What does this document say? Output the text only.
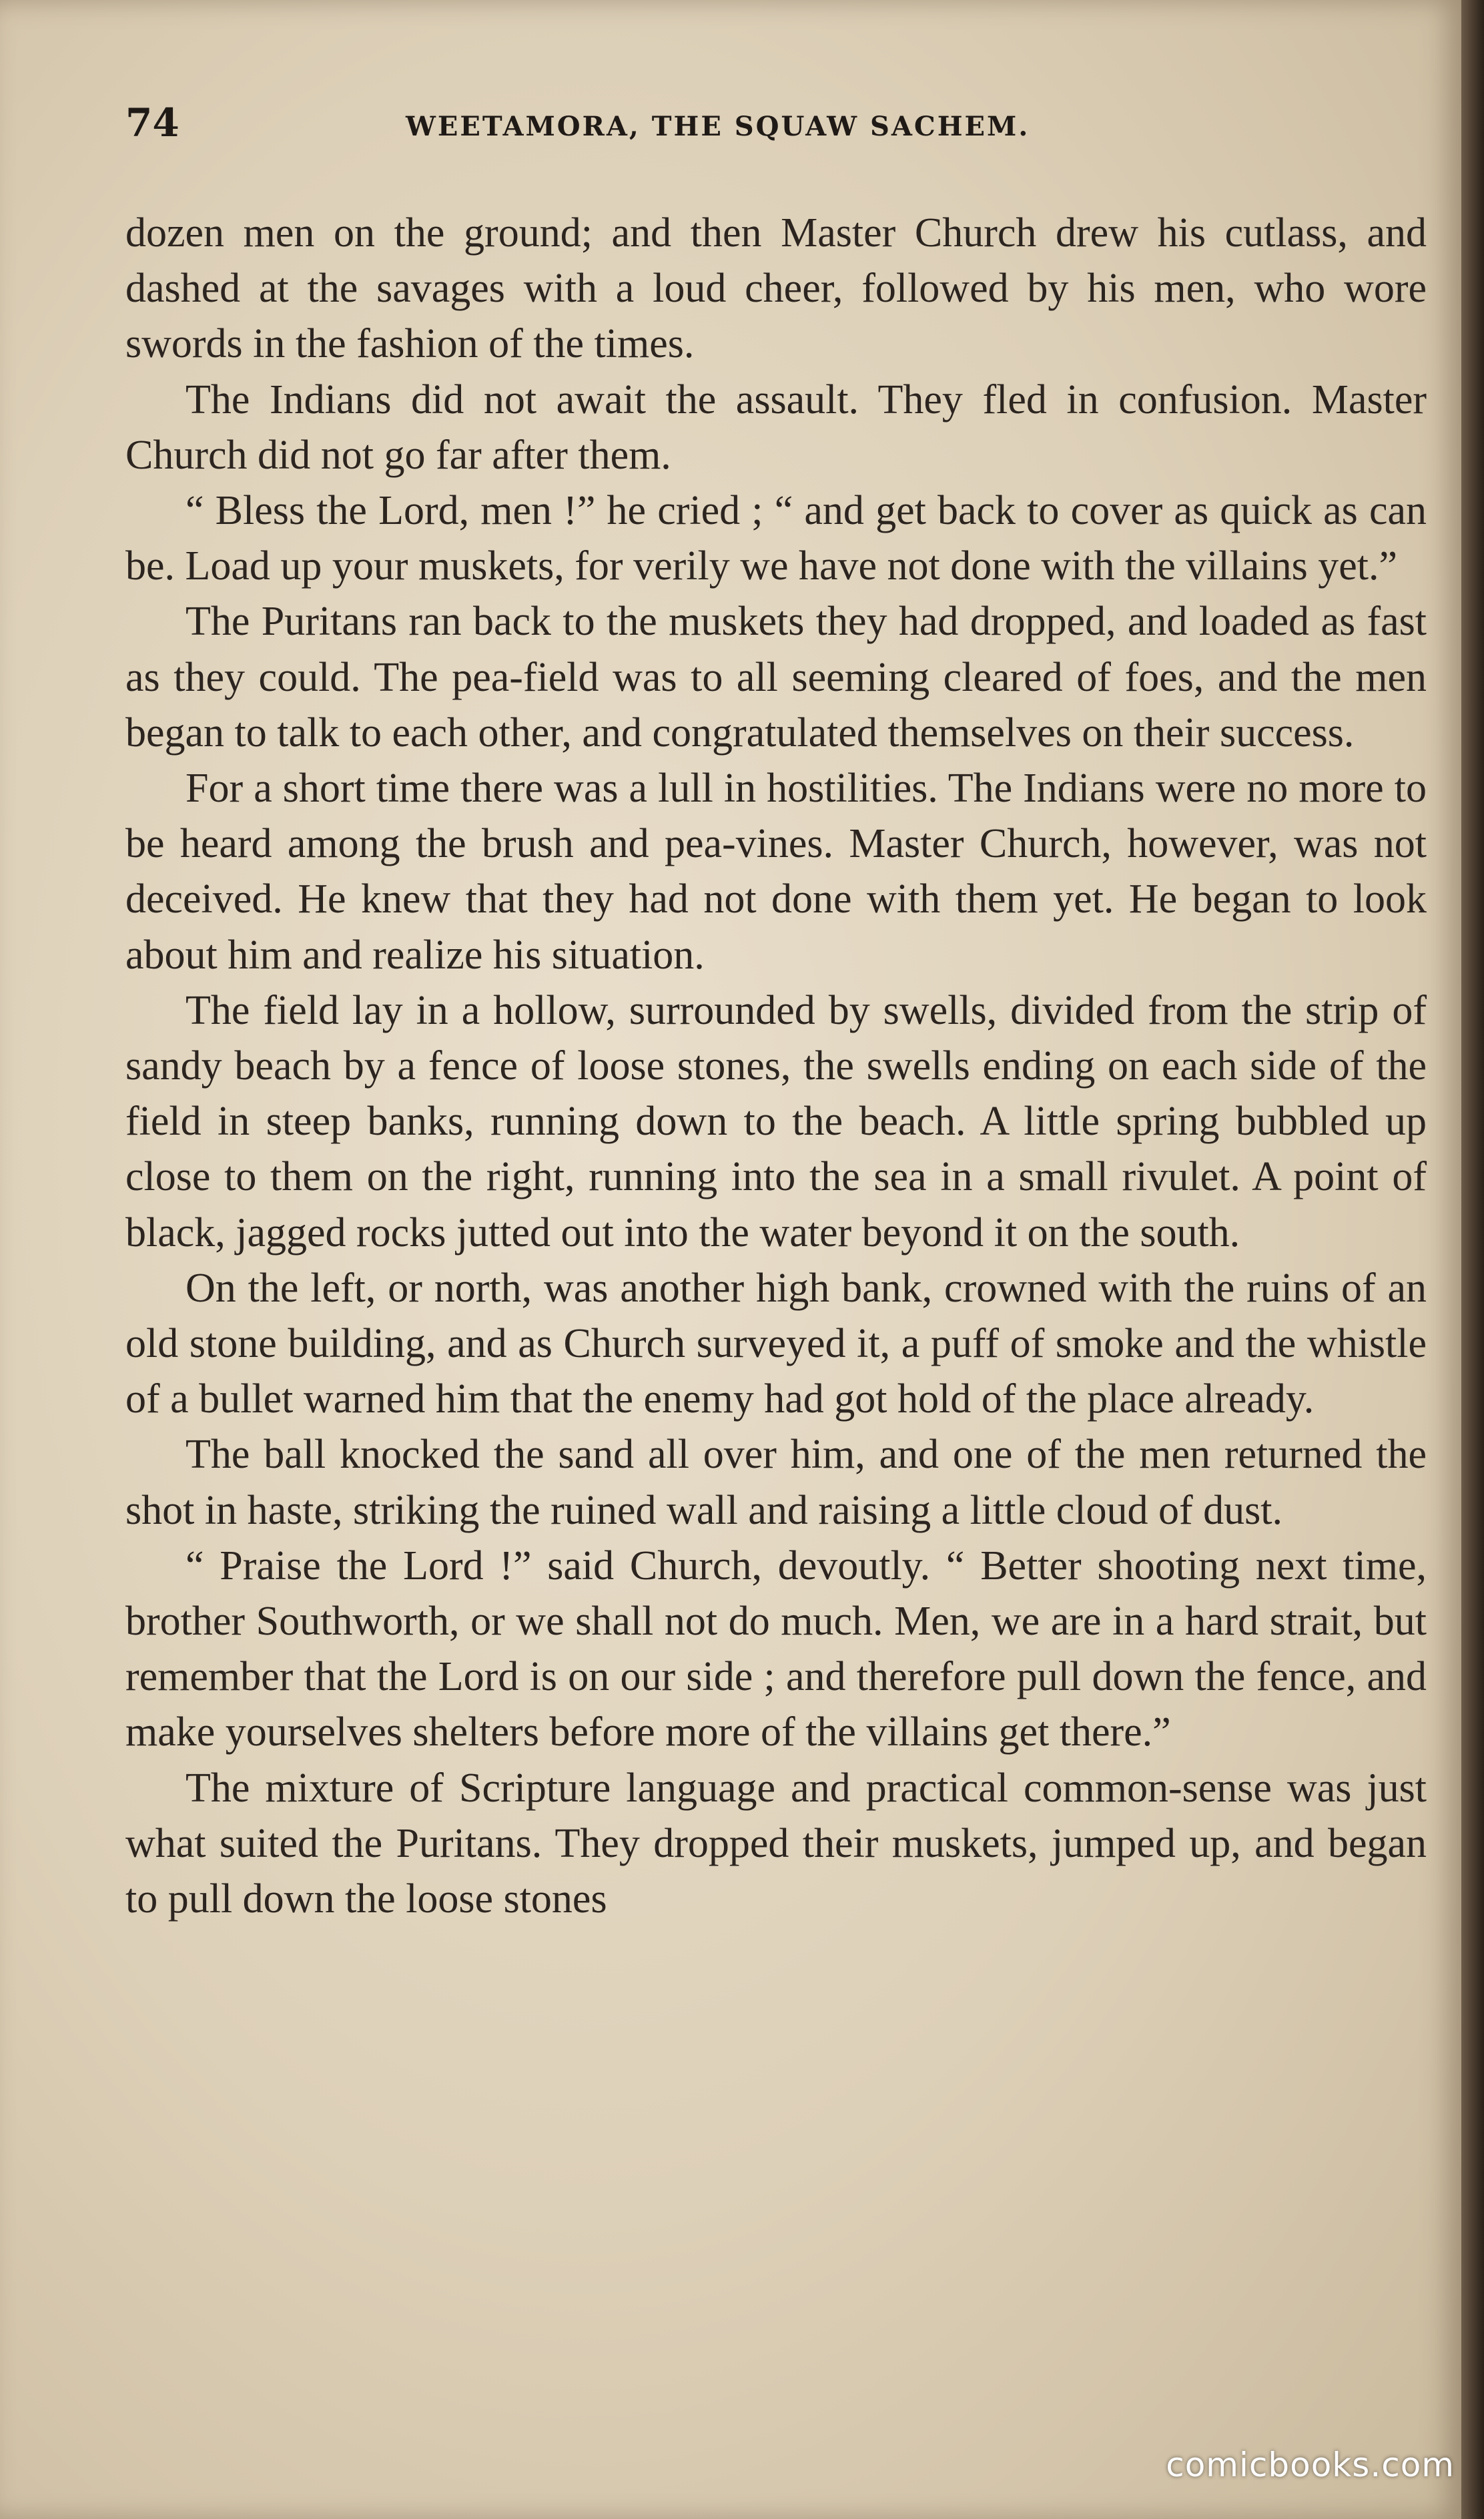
74	WEETAMORA, THE SQUAW SACHEM.

dozen men on the ground; and then Master Church drew his cutlass, and dashed at the savages with a loud cheer, followed by his men, who wore swords in the fashion of the times.

The Indians did not await the assault. They fled in confusion. Master Church did not go far after them.

“ Bless the Lord, men !” he cried ; “ and get back to cover as quick as can be. Load up your muskets, for verily we have not done with the villains yet.”

The Puritans ran back to the muskets they had dropped, and loaded as fast as they could. The pea-field was to all seeming cleared of foes, and the men began to talk to each other, and congratulated themselves on their success.

For a short time there was a lull in hostilities. The Indians were no more to be heard among the brush and pea-vines. Master Church, however, was not deceived. He knew that they had not done with them yet. He began to look about him and realize his situation.

The field lay in a hollow, surrounded by swells, divided from the strip of sandy beach by a fence of loose stones, the swells ending on each side of the field in steep banks, running down to the beach. A little spring bubbled up close to them on the right, running into the sea in a small rivulet. A point of black, jagged rocks jutted out into the water beyond it on the south.

On the left, or north, was another high bank, crowned with the ruins of an old stone building, and as Church surveyed it, a puff of smoke and the whistle of a bullet warned him that the enemy had got hold of the place already.

The ball knocked the sand all over him, and one of the men returned the shot in haste, striking the ruined wall and raising a little cloud of dust.

“ Praise the Lord !” said Church, devoutly. “ Better shooting next time, brother Southworth, or we shall not do much. Men, we are in a hard strait, but remember that the Lord is on our side ; and therefore pull down the fence, and make yourselves shelters before more of the villains get there.”

The mixture of Scripture language and practical common-sense was just what suited the Puritans. They dropped their muskets, jumped up, and began to pull down the loose stones

comicbooks.com
